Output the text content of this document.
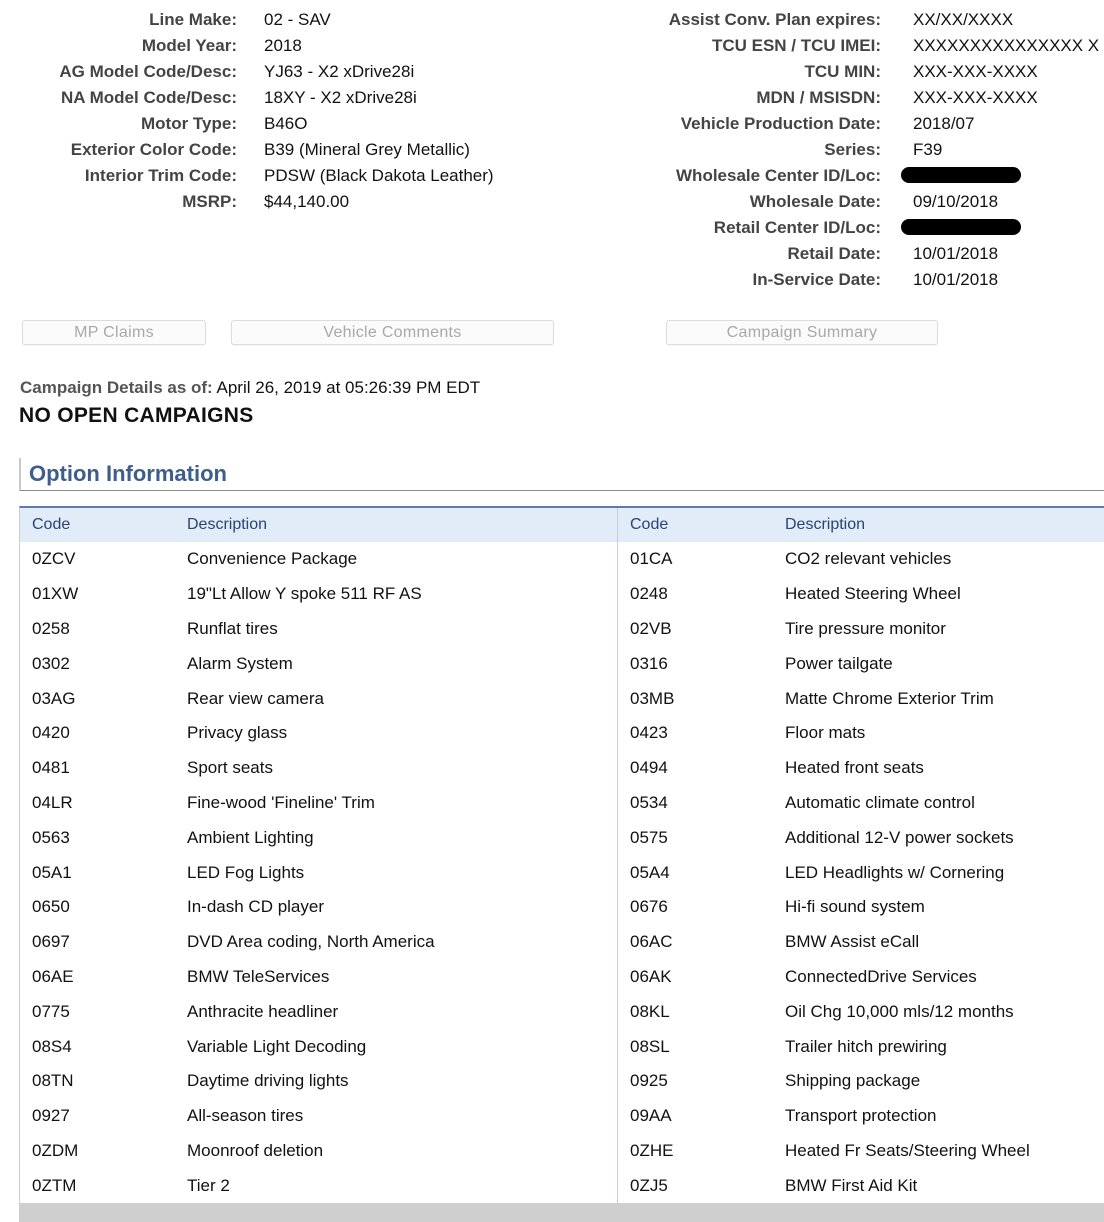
Line Make: 02 - SAV
Model Year: 2018
AG Model Code/Desc: YJ63 - X2 xDrive28i
NA Model Code/Desc: 18XY - X2 xDrive28i
Motor Type: B46O
Exterior Color Code: B39 (Mineral Grey Metallic)
Interior Trim Code: PDSW (Black Dakota Leather)
MSRP: $44,140.00
Assist Conv. Plan expires: XX/XX/XXXX
TCU ESN / TCU IMEI: XXXXXXXXXXXXXXX X
TCU MIN: XXX-XXX-XXXX
MDN / MSISDN: XXX-XXX-XXXX
Vehicle Production Date: 2018/07
Series: F39
Wholesale Center ID/Loc:
Wholesale Date: 09/10/2018
Retail Center ID/Loc:
Retail Date: 10/01/2018
In-Service Date: 10/01/2018
MP Claims	Vehicle Comments	Campaign Summary
Campaign Details as of: April 26, 2019 at 05:26:39 PM EDT
NO OPEN CAMPAIGNS
Option Information
Code	Description	Code	Description
0ZCV	Convenience Package	01CA	CO2 relevant vehicles
01XW	19"Lt Allow Y spoke 511 RF AS	0248	Heated Steering Wheel
0258	Runflat tires	02VB	Tire pressure monitor
0302	Alarm System	0316	Power tailgate
03AG	Rear view camera	03MB	Matte Chrome Exterior Trim
0420	Privacy glass	0423	Floor mats
0481	Sport seats	0494	Heated front seats
04LR	Fine-wood 'Fineline' Trim	0534	Automatic climate control
0563	Ambient Lighting	0575	Additional 12-V power sockets
05A1	LED Fog Lights	05A4	LED Headlights w/ Cornering
0650	In-dash CD player	0676	Hi-fi sound system
0697	DVD Area coding, North America	06AC	BMW Assist eCall
06AE	BMW TeleServices	06AK	ConnectedDrive Services
0775	Anthracite headliner	08KL	Oil Chg 10,000 mls/12 months
08S4	Variable Light Decoding	08SL	Trailer hitch prewiring
08TN	Daytime driving lights	0925	Shipping package
0927	All-season tires	09AA	Transport protection
0ZDM	Moonroof deletion	0ZHE	Heated Fr Seats/Steering Wheel
0ZTM	Tier 2	0ZJ5	BMW First Aid Kit
